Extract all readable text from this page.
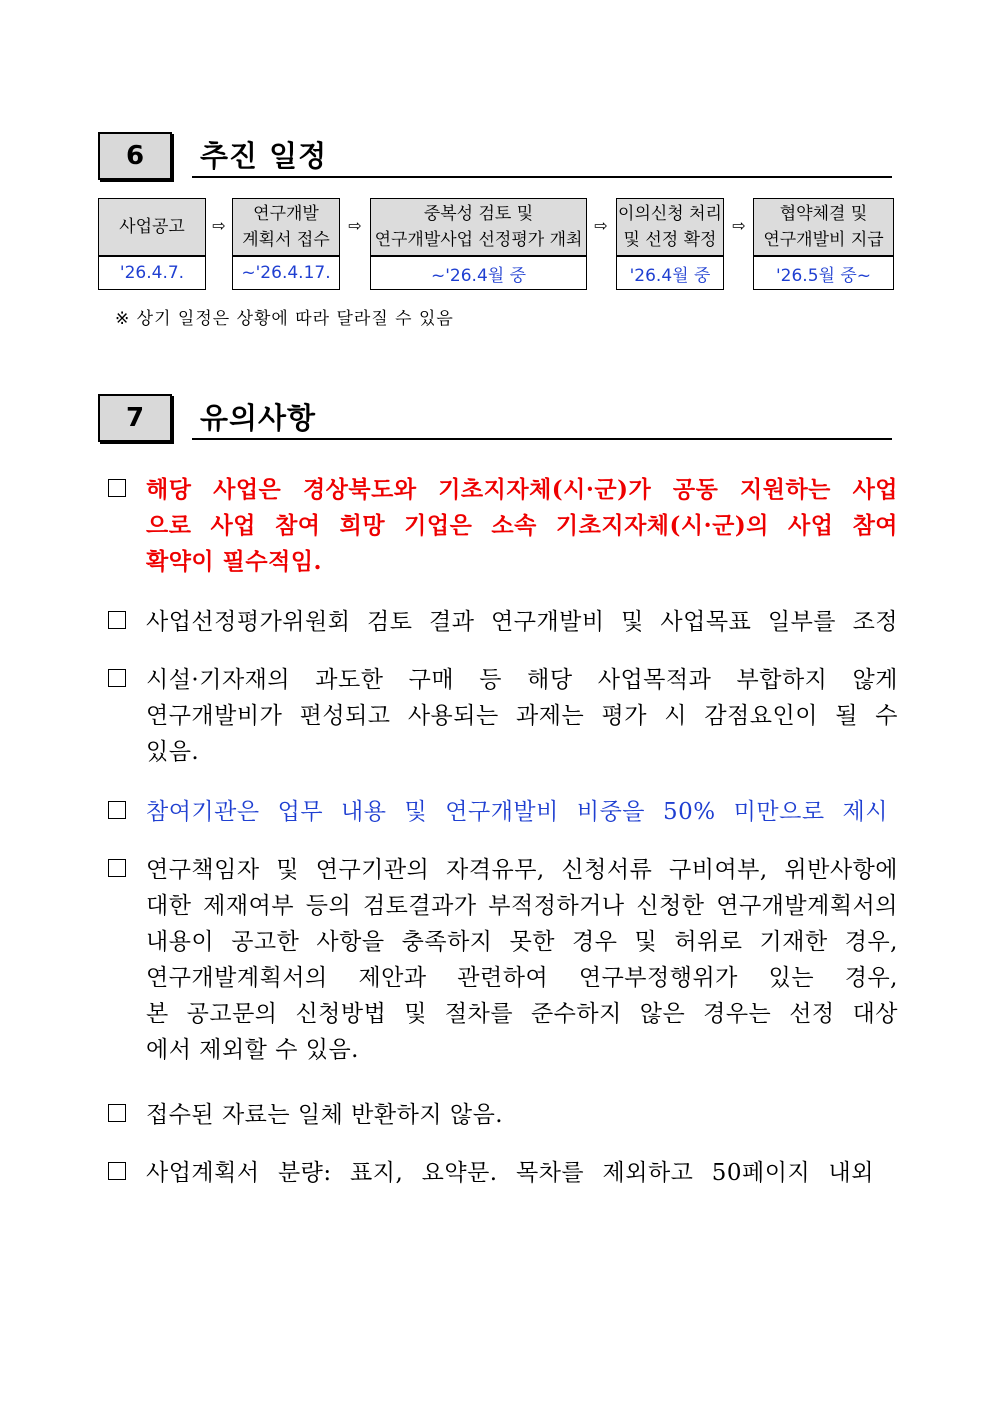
6	추진 일정
사업공고
'26.4.7.
⇨
연구개발
계획서 접수
~'26.4.17.
⇨
중복성 검토 및
연구개발사업 선정평가 개최
~'26.4월 중
⇨
이의신청 처리
및 선정 확정
'26.4월 중
⇨
협약체결 및
연구개발비 지급
'26.5월 중~
※ 상기 일정은 상황에 따라 달라질 수 있음
7	유의사항
해당 사업은 경상북도와 기초지자체(시·군)가 공동 지원하는 사업
으로 사업 참여 희망 기업은 소속 기초지자체(시·군)의 사업 참여
확약이 필수적임.
사업선정평가위원회 검토 결과 연구개발비 및 사업목표 일부를 조정
시설·기자재의 과도한 구매 등 해당 사업목적과 부합하지 않게
연구개발비가 편성되고 사용되는 과제는 평가 시 감점요인이 될 수
있음.
참여기관은 업무 내용 및 연구개발비 비중을 50% 미만으로 제시
연구책임자 및 연구기관의 자격유무, 신청서류 구비여부, 위반사항에
대한 제재여부 등의 검토결과가 부적정하거나 신청한 연구개발계획서의
내용이 공고한 사항을 충족하지 못한 경우 및 허위로 기재한 경우,
연구개발계획서의 제안과 관련하여 연구부정행위가 있는 경우,
본 공고문의 신청방법 및 절차를 준수하지 않은 경우는 선정 대상
에서 제외할 수 있음.
접수된 자료는 일체 반환하지 않음.
사업계획서 분량: 표지, 요약문. 목차를 제외하고 50페이지 내외
